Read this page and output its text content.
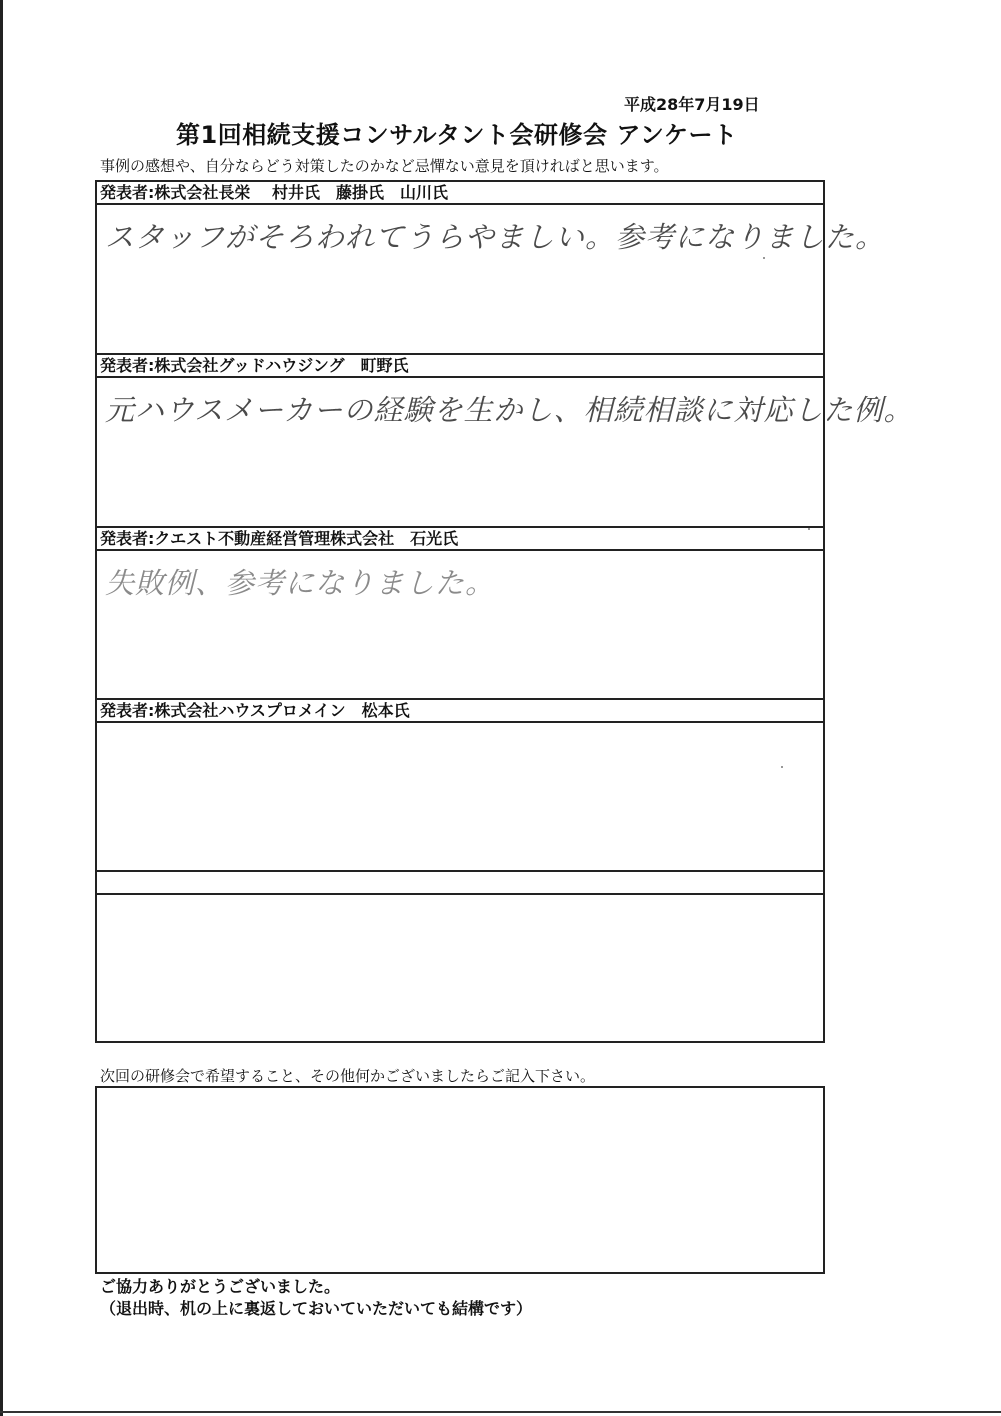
平成28年7月19日
第1回相続支援コンサルタント会研修会 アンケート
事例の感想や、自分ならどう対策したのかなど忌憚ない意見を頂ければと思います。
発表者:株式会社長栄　 村井氏　藤掛氏　山川氏
スタッフがそろわれてうらやましい。参考になりました。
発表者:株式会社グッドハウジング　町野氏
元ハウスメーカーの経験を生かし、相続相談に対応した例。
発表者:クエスト不動産経営管理株式会社　石光氏
失敗例、参考になりました。
発表者:株式会社ハウスプロメイン　松本氏
次回の研修会で希望すること、その他何かございましたらご記入下さい。
ご協力ありがとうございました。
（退出時、机の上に裏返しておいていただいても結構です）
